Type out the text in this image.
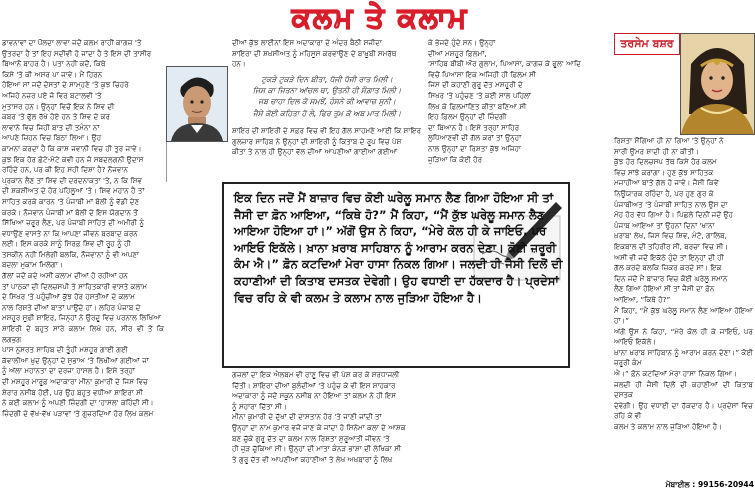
ਕਲਮ ਤੇ ਕਲਾਮ
ਡਾਵਨਾਵਾਂ ਦਾ ਪੌਲਦਾ ਲਾਵਾ ਜਦੋਂ ਕਲਮ ਰਾਹੀਂ ਕਾਗਜ਼ 'ਤੇ
ਉਤਰਦਾ ਹੈ ਤਾਂ ਇਹ ਸਦੀਵੀ ਹੋ ਜਾਂਦਾ ਹੈ ਤੇ ਇਸ ਦੀ ਤਾਸੀਰ
ਬਿਆਨੋਂ ਬਾਹਰ ਹੈ। ਪਤਾ ਨਹੀਂ ਕਦੋਂ, ਕਿਥੇ
ਕਿਸੇ 'ਤੇ ਕੀ ਅਸਰ ਪਾ ਜਾਵੇ। ਮੈਂ ਹਿਰਨ
ਹੋਇਆ ਸਾਂ ਜਦੋਂ ਦੋਸਤਾਂ ਦੇ ਸਾਮ੍ਹਣੇ 'ਤੇ ਕੁਝ ਚਿਹਰੇ
ਅਜਿਹੇ ਨਜ਼ਰ ਪਏ ਜੋ ਵਿਰ ਬਟਾਲਵੀ 'ਤੇ
ਮੁਤਾਸਰ ਹਨ। ਉਨ੍ਹਾਂ ਵਿਚੋਂ ਇਕ ਨੇ ਸ਼ਿਵ ਦੀ
ਕਬਰ 'ਤੇ ਫੁੱਲ ਰੱਖੇ ਹੋਏ ਹਨ ਤੇ ਸ਼ਿਵ ਦੇ ਕਰ
ਲਾਵਾਨੇ ਵਿਚ ਜਿਹੀ ਬਾਤ ਦੀ ਤਮੰਨਾ ਨਾਂ
ਆਪਣੇ ਜ਼ਿਹਨ ਵਿਚ ਬਿਠਾ ਲਿਆ। ਉਹ
ਕਾਮਨਾ ਕਰਦਾ ਹੈ ਕਿ ਕਾਸ਼ ਜਵਾਨੀ ਵਿਚ ਹੀ ਤੁਰ ਜਾਵੇ।
ਕੁਝ ਇਕ ਹੋਰ ਛੋਟੇ-ਮੋਟੇ ਕਵੀ ਹਨ ਜੋ ਸਬਦਲਗਨੀ ਉਦਾਸ
ਰਹਿੰਦੇ ਹਨ, ਪਰ ਕੀ ਇਹ ਸਹੀ ਦਿਸ਼ਾ ਹੈ? ਨੌਜਵਾਨ
ਪ੍ਰਕਾਨ ਲੈਣ ਤਾਂ ਸ਼ਿਵ ਦੀ ਦਰਦਨਾਕਤਾ 'ਤੇ, ਨ ਕਿ ਸ਼ਿਵ
ਦੀ ਸ਼ਕਸ਼ੀਅਤ ਦੇ ਹੋਰ ਪਹਿਲੂਆਂ 'ਤੇ। ਸ਼ਿਵ ਮਹਾਨ ਹੈ ਤਾਂ
ਸਾਹਿਤ ਕਰਕੇ ਕਾਰਨ 'ਤੇ ਪੰਜਾਬੀ ਮਾਂ ਬੋਲੀ ਨੂੰ ਵੱਡੀ ਦੇਣ
ਕਰਕੇ। ਨੌਜਵਾਨ ਪੰਜਾਬੀ ਮਾਂ ਬੋਲੀ ਦੇ ਇਸ ਯੋਗਦਾਨ ਤੋਂ
ਸਿੱਖਿਆ ਜ਼ਰੂਰ ਲੈਣ, ਪਰ ਪੰਜਾਬੀ ਸਾਹਿਤ ਦੀ ਅਮੀਰੀ ਨੂੰ
ਵਧਾਉਣ ਵਾਸਤੇ ਨਾ ਕਿ ਆਪਣਾ ਜੀਵਨ ਬਰਬਾਦ ਕਰਨ
ਲਈ। ਇਸ ਕਰਕੇ ਸਾਨੂੰ ਸਿਰਫ਼ ਸ਼ਿਵ ਦੀ ਰੂਹ ਨੂੰ ਹੀ
ਤਸਕੀਨ ਨਹੀਂ ਮਿਲੇਗੀ ਬਲਕਿ, ਨੌਜਵਾਨਾਂ ਨੂੰ ਵੀ ਅਪਣਾ
ਬਦਲਾ ਮੁਕਾਮ ਮਿਲੇਗਾ।
ਗੱਲਾਂ ਜਦੋਂ ਕਦੇ ਅਸੀਂ ਕਲਾਮ ਦੀਆਂ ਹੋ ਰਹੀਆਂ ਹਨ
ਤਾਂ ਪਾਠਕਾਂ ਦੀ ਦਿਲਚਸਪੀ ਤੇ ਸਾਹਿਤਕਾਰੀ ਵਾਸਤੇ ਕਲਾਮ
ਦੇ ਸਿਖਰ 'ਤੇ ਪਹੁੰਚੀਆਂ ਕੁੱਝ ਹੋਰ ਹਸਤੀਆਂ ਦੇ ਕਲਾਮ
ਨਾਲ ਰਿਸ਼ਤੇ ਦੀਆਂ ਬਾਤਾਂ ਪਾਉਂਦੇ ਹਾਂ। ਲਹਿਰ ਪੰਜਾਬ ਦੇ
ਮਸ਼ਹੂਰ ਸੂਫ਼ੀ ਸ਼ਾਇਰ, ਜਿਨ੍ਹਾਂ ਨੇ ਉਰਦੂ ਵਿਚ ਪਰਨਾਲ ਲਿਖਿਆ
ਸ਼ਾਇਰੀ ਦੇ ਬਹੁਤ ਸਾਰੇ ਕਲਾਮ ਲਿਖੇ ਹਨ, ਸੀਰ ਵੀ ਤੋਂ ਕਿ ਲਗਭਗ
ਪਾਸ ਨੁਸਰਤ ਸਾਹਿਬ ਦੀ ਤੂੰਹੀ ਮਸ਼ਹੂਰ ਗਾਈ ਗਈ
ਕੱਵਾਲੀਆਂ ਖ਼ੁਦ ਉਨ੍ਹਾਂ ਦੇ ਸੁਭਾਅ 'ਤੇ ਲਿਖੀਆਂ ਗਈਆਂ ਜਾਂ
ਨੂੰ ਅੱਲਾ ਮਹਾਨਤਾ ਦਾ ਦਰਜਾ ਹਾਸਲ ਹੈ। ਇਸੇ ਤਰ੍ਹਾਂ
ਦੀ ਮਸ਼ਹੂਰ ਮਾਰੂਫ਼ ਅਦਾਕਾਰਾ ਮੀਨਾ ਕੁਮਾਰੀ ਦੇ ਜਿਸ ਵਿਚ
ਸ਼ੇਰਾਰ ਨਸੀਬ ਹੋਈ, ਪਰ ਉਹ ਬਹੁਤ ਵਧੀਆ ਸ਼ਾਇਰਾ ਸੀ
ਨੇ ਕਈ ਕਲਾਮ ਨੂੰ ਅਪਣੀ ਜ਼ਿੰਦਗੀ ਦਾ 'ਹਾਸਲ' ਕਹਿੰਦੀ ਸੀ।
ਜ਼ਿੰਦਗੀ ਦੇ ਵੱਖ-ਵੱਖ ਪੜਾਵਾਂ 'ਤੇ ਗੁਜ਼ਰਦਿਆਂ ਹੋਰ ਲਿਖ ਕਲਮ
ਦੀਆਂ ਕੁੱਝ ਲਾਈਨਾਂ ਇਸ ਅਦਾਕਾਰਾ ਦੇ ਅੰਦਰ ਬੈਠੀ ਸਜੀਦਾ
ਸ਼ਾਇਰਾ ਦੀ ਸ਼ਖ਼ਸੀਅਤ ਨੂੰ ਮਹਿਸੂਸ ਕਰਵਾਉਣ ਦੇ ਬਾਖ਼ੂਬੀ ਸਮਰੱਥ
ਹਨ।
ਟੁਕੜੇ ਟੁਕੜੇ ਦਿਨ ਬੀਤਾ, ਧੱਜੀ ਧੱਜੀ ਰਾਤ ਮਿਲੀ।
ਜਿਸ ਕਾ ਜਿਤਨਾ ਆਂਚਲ ਥਾ, ਉਤਨੀ ਹੀ ਸੌਗ਼ਾਤ ਮਿਲੀ।
ਜਬ ਚਾਹਾ ਦਿਲ ਕੋ ਸਮਝੇਂ, ਹੰਸਨੇ ਕੀ ਆਵਾਜ਼ ਸੁਨੀ।
ਜੈਸੇ ਕੋਈ ਕਹਿਤਾ ਹੋ ਲੇ, ਫਿਰ ਤੁਮ ਕੋ ਅਬ ਮਾਤ ਮਿਲੀ।
ਸ਼ਾਇਰ ਦੀ ਸ਼ਾਇਰੀ ਦੇ ਸਫ਼ਰ ਵਿਚ ਵੀ ਇਹ ਗੱਲ ਸਾਹਮਣੇ ਆਈ ਕਿ ਸ਼ਾਇਰ
ਗੁਲਜ਼ਾਰ ਸਾਹਿਬ ਨੇ ਉਨ੍ਹਾਂ ਦੀ ਸ਼ਾਇਰੀ ਨੂੰ ਕਿਤਾਬ ਦੇ ਰੂਪ ਵਿਚ ਪੇਸ਼
ਕੀਤਾ ਤੇ ਨਾਲ ਹੀ ਉਨ੍ਹਾਂ ਵੱਲ ਦੀਆਂ ਆਪਣੀਆਂ ਗਾਈਆਂ ਗਈਆਂ
ਕੇ ਭੇਜਦੇ ਹੁੰਦੇ ਸਨ। ਉਨ੍ਹਾਂ
ਦੀਆਂ ਮਸ਼ਹੂਰ ਫ਼ਿਲਮਾਂ,
'ਸਾਹਿਬ ਬੀਬੀ ਔਰ ਗੁਲਾਮ, ਪਿਆਸਾ, ਕਾਗਜ਼ ਕੇ ਫੂਲ' ਆਦਿ
ਵਿਚੋਂ ਪਿਆਸਾ ਇਕ ਅਜਿਹੀ ਹੀ ਫ਼ਿਲਮ ਸੀ
ਜਿਸ ਦੀ ਕਹਾਣੀ ਗੁਰੂ ਦੱਤ ਮਸ਼ਹੂਰੀ ਦੇ
ਸਿਖਰ 'ਤੇ ਪਹੁੰਚਣ 'ਤੇ ਕਈ ਸਾਲ ਪਹਿਲਾਂ
ਲਿਖ ਕੇ ਫ਼ਿਲਮਾਂਣਿਤ ਕੀਤਾ ਬਣਿਆ ਸੀ
ਇਹ ਫ਼ਿਲਮ ਉਨ੍ਹਾਂ ਦੀ ਜ਼ਿੰਦਗੀ
ਦਾ ਬਿਆਨ ਹੈ। ਇਸੇ ਤਰ੍ਹਾਂ ਸਾਹਿਰ
ਲੁਧਿਆਣਵੀ ਦੀ ਗੱਲ ਕਰਾਂ ਤਾਂ ਉਨ੍ਹਾਂ
ਨਾਲ ਉਨ੍ਹਾਂ ਦਾ ਰਿਸ਼ਤਾ ਕੁੱਝ ਅਜਿਹਾ
ਜੁੜਿਆ ਕਿ ਕੋਈ ਹੋਰ
ਤਰਸੇਮ ਬਸ਼ਰ
ਰਿਸ਼ਤਾ ਸੌਂਗਿਆ ਹੀ ਨਾ ਗਿਆ 'ਤੇ ਉਨ੍ਹਾਂ ਨੇ
ਸਾਰੀ ਉਮਰ ਸ਼ਾਦੀ ਹੀ ਨਾ ਕੀਤੀ।
ਕੁੱਝ ਹੋਰ ਦਿਲਚਸਪ ਤੱਥ ਕਿਸੇ ਹੋਰ ਕਲਮ
ਵਿਚ ਸਾਂਝੇ ਕਰਾਂਗਾ। ਹੁਣ ਕੁੱਝ ਸਾਹਿਤਕ
ਮਜ਼ਾਹੀਆ ਬਾਤੇਂ ਗੱਲ ਹੋ ਜਾਵੇ। ਜੈਸੀ ਕਿਵੇਂ
ਨਿਊਯਾਰਕ ਰਹਿੰਦਾ ਹੈ, ਪਰ ਹੁਣ ਗੁਰ ਕੇ
ਪੰਜਾਬੀਅਤ 'ਤੇ ਪੰਜਾਬੀ ਸਾਹਿਤ ਨਾਲ ਉਸ ਦਾ
ਮੋਹ ਹੋਰ ਵੱਧ ਗਿਆ ਹੈ। ਪਿਛਲੇ ਦਿਨੀਂ ਜਦੋਂ ਉਹ
ਪੰਜਾਬ ਆਇਆ ਤਾਂ ਉਹਨਾਂ ਦਿਨਾਂ 'ਖਾਨਾ
ਖ਼ਰਾਬ' ਲੇਖ, ਜਿਸ ਵਿਚ ਸ਼ਿਵ, ਮੰਟੋ, ਗਾਲਿਬ,
ਇਕਬਾਲ ਦੀ ਤਹਿਰੀਰ ਸੀ, ਬਰਚਾ ਵਿਚ ਸੀ।
ਅਸੀਂ ਵੀ ਜਦੋਂ ਇਕੱਠੇ ਹੁੰਦੇ ਤਾਂ ਇਨ੍ਹਾਂ ਦੀ ਹੀ
ਗੱਲ ਕਰਦੇ ਬਲਕਿ ਜ਼ਿਕਰ ਕਰਦੇ ਸਾਂ। ਇਕ
ਦਿਨ ਜਦੋਂ ਮੈਂ ਬਾਜ਼ਾਰ ਵਿਚ ਕੋਈ ਘਰੇਲੂ ਸਮਾਨ
ਲੈਣ ਗਿਆ ਹੋਇਆ ਸੀ ਤਾਂ ਜੈਸੀ ਦਾ ਫ਼ੋਨ
ਆਇਆ, “ਕਿਥੇ ਹੋ?”
ਮੈਂ ਕਿਹਾ, “ਮੈਂ ਕੁੱਝ ਘਰੇਲੂ ਸਮਾਨ ਲੈਣ ਆਇਆ ਹੋਇਆ ਹਾਂ।”
ਅੱਗੋਂ ਉਸ ਨੇ ਕਿਹਾ, “ਮੇਰੇ ਕੋਲ ਹੀ ਕੇ ਜਾਇਓ, ਪਰ ਆਇਓ ਇਕੱਲੇ।
ਖ਼ਾਨਾ ਖ਼ਰਾਬ ਸਾਹਿਬਾਨ ਨੂੰ ਆਰਾਮ ਕਰਨ ਦੇਣਾ।” ਕੋਈ ਜ਼ਰੂਰੀ ਕੰਮ
ਐ।” ਫ਼ੋਨ ਕਟਦਿਆਂ ਮੇਰਾ ਹਾਸਾ ਨਿਕਲ ਗਿਆ।
ਜਲਦੀ ਹੀ ਜੈਸੀ ਦਿਲੋਂ ਦੀ ਕਹਾਣੀਆਂ ਦੀ ਕਿਤਾਬ ਦਸਤਕ
ਦੇਵੇਗੀ। ਉਹ ਵਧਾਈ ਦਾ ਹੱਕਦਾਰ ਹੈ। ਪ੍ਰਦੇਸਾਂ ਵਿਚ ਰਹਿ ਕੇ ਵੀ
ਕਲਮ ਤੇ ਕਲਾਮ ਨਾਲ ਜੁੜਿਆ ਹੋਇਆ ਹੈ।
ਇਕ ਦਿਨ ਜਦੋਂ ਮੈਂ ਬਾਜ਼ਾਰ ਵਿਚ ਕੋਈ ਘਰੇਲੂ ਸਮਾਨ ਲੈਣ ਗਿਆ ਹੋਇਆ ਸੀ ਤਾਂ ਜੈਸੀ ਦਾ ਫ਼ੋਨ ਆਇਆ, “ਕਿਥੇ ਹੋ?” ਮੈਂ ਕਿਹਾ, “ਮੈਂ ਕੁੱਝ ਘਰੇਲੂ ਸਮਾਨ ਲੈਣ ਆਇਆ ਹੋਇਆ ਹਾਂ।” ਅੱਗੋਂ ਉਸ ਨੇ ਕਿਹਾ, “ਮੇਰੇ ਕੋਲ ਹੀ ਕੇ ਜਾਇਓ, ਪਰ ਆਇਓ ਇਕੱਲੇ। ਖ਼ਾਨਾ ਖ਼ਰਾਬ ਸਾਹਿਬਾਨ ਨੂੰ ਆਰਾਮ ਕਰਨ ਦੇਣਾ। ਕੋਈ ਜ਼ਰੂਰੀ ਕੰਮ ਐ।” ਫ਼ੋਨ ਕਟਦਿਆਂ ਮੇਰਾ ਹਾਸਾ ਨਿਕਲ ਗਿਆ। ਜਲਦੀ ਹੀ ਜੈਸੀ ਦਿਲੋਂ ਦੀ ਕਹਾਣੀਆਂ ਦੀ ਕਿਤਾਬ ਦਸਤਕ ਦੇਵੇਗੀ। ਉਹ ਵਧਾਈ ਦਾ ਹੱਕਦਾਰ ਹੈ। ਪ੍ਰਦੇਸਾਂ ਵਿਚ ਰਹਿ ਕੇ ਵੀ ਕਲਮ ਤੇ ਕਲਾਮ ਨਾਲ ਜੁੜਿਆ ਹੋਇਆ ਹੈ।
ਗਜ਼ਲਾਂ ਦਾ ਇਕ ਐਲਬਮ ਵੀ ਰਾਣੂ ਵਿਚ ਵੀ ਪੇਸ਼ ਕਰ ਕੇ ਸ਼ਰਧਾਜਲੀ
ਦਿੱਤੀ। ਸ਼ਾਇਰਾ ਦੀਆਂ ਬੁਲੰਦੀਆਂ 'ਤੇ ਪਹੁੰਚ ਕੇ ਵੀ ਇਸ ਸ਼ਾਹਕਾਰ
ਅਦਾਕਾਰਾ ਨੂੰ ਜਦੋਂ ਸਕੂਨ ਨਸੀਬ ਨਾ ਹੋਇਆ ਤਾਂ ਕਲਮ ਨੇ ਹੀ ਇਸ
ਨੂੰ ਸਹਾਰਾ ਦਿੱਤਾ ਸੀ।
ਮੀਨਾ ਕੁਮਾਰੀ ਦੇ ਦੁੱਖਾਂ ਦੀ ਦਾਸਤਾਨ ਹੋਰ 'ਤੇ ਜਾਣੀ ਜਾਂਦੀ ਤਾਂ
ਉਨ੍ਹਾਂ ਦਾ ਨਾਮ ਕੁਮਾਰ ਵਜੋਂ ਜਾਣ ਕੇ ਜਾਂਦਾ ਹੋ ਸਿਨੇਮਾ ਕਲਾ ਦੇ ਆਸ਼ਕ
ਬਣ ਚੁੱਕੇ ਗੁਰੂ ਦੱਤ ਦਾ ਕਲਮ ਨਾਲ ਰਿਸ਼ਤਾ ਸ਼ੁਰੂਆਤੀ ਜੀਵਨ 'ਤੇ
ਹੀ ਜੁੜ ਚੁੱਕਿਆ ਸੀ। ਉਨ੍ਹਾਂ ਦੀ ਮਾਤਾ ਕੰਨੜ ਭਾਸ਼ਾ ਦੀ ਲੇਖਿਕਾ ਸੀ
ਤੇ ਗੁਰੂ ਦੱਤ ਵੀ ਆਪਣੀਆਂ ਕਹਾਣੀਆਂ ਤੇ ਲੇਖ ਅਖ਼ਬਾਰਾਂ ਨੂੰ ਲਿਖ
ਮੋਬਾਈਲ : 99156-20944
